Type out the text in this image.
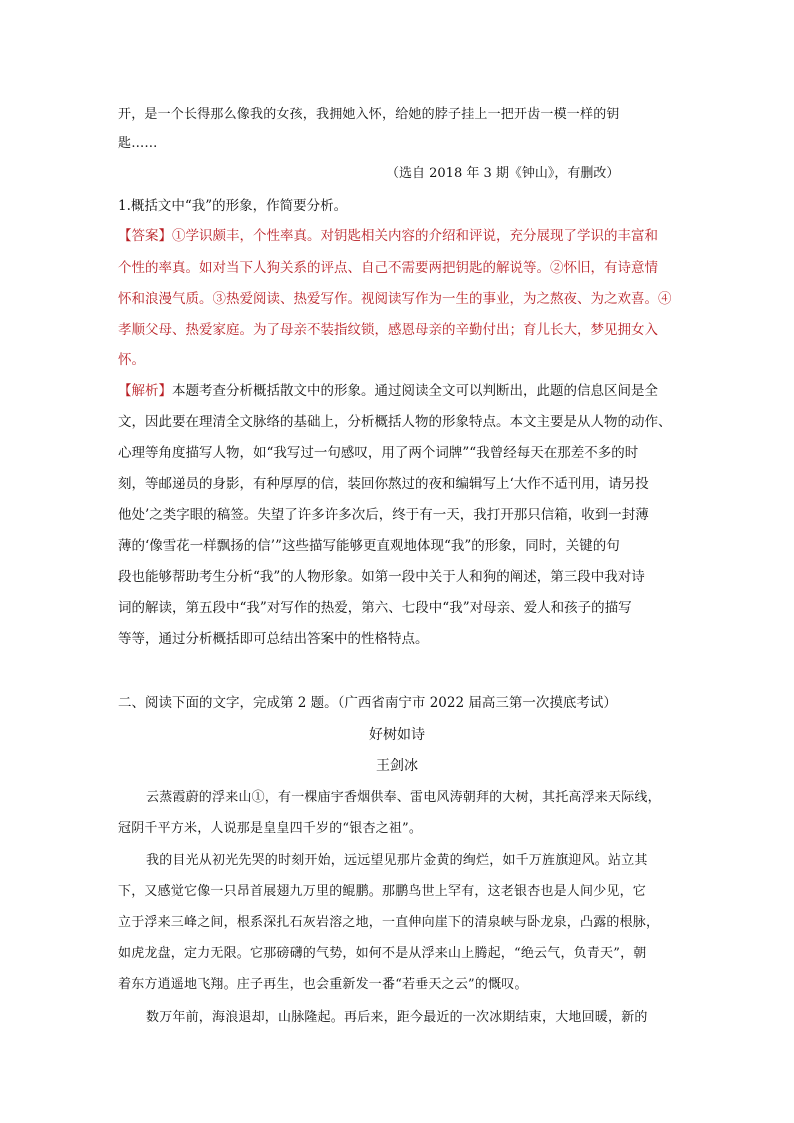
开，是一个长得那么像我的女孩，我拥她入怀，给她的脖子挂上一把开齿一模一样的钥
匙……
（选自 2018 年 3 期《钟山》，有删改）
1.概括文中“我”的形象，作简要分析。
【答案】①学识颇丰，个性率真。对钥匙相关内容的介绍和评说，充分展现了学识的丰富和
个性的率真。如对当下人狗关系的评点、自己不需要两把钥匙的解说等。②怀旧，有诗意情
怀和浪漫气质。③热爱阅读、热爱写作。视阅读写作为一生的事业，为之熬夜、为之欢喜。④
孝顺父母、热爱家庭。为了母亲不装指纹锁，感恩母亲的辛勤付出；育儿长大，梦见拥女入
怀。
【解析】本题考查分析概括散文中的形象。通过阅读全文可以判断出，此题的信息区间是全
文，因此要在理清全文脉络的基础上，分析概括人物的形象特点。本文主要是从人物的动作、
心理等角度描写人物，如“我写过一句感叹，用了两个词牌”“我曾经每天在那差不多的时
刻，等邮递员的身影，有种厚厚的信，装回你熬过的夜和编辑写上‘大作不适刊用，请另投
他处’之类字眼的稿签。失望了许多许多次后，终于有一天，我打开那只信箱，收到一封薄
薄的‘像雪花一样飘扬的信’”这些描写能够更直观地体现“我”的形象，同时，关键的句
段也能够帮助考生分析“我”的人物形象。如第一段中关于人和狗的阐述，第三段中我对诗
词的解读，第五段中“我”对写作的热爱，第六、七段中“我”对母亲、爱人和孩子的描写
等等，通过分析概括即可总结出答案中的性格特点。
二、阅读下面的文字，完成第 2 题。（广西省南宁市 2022 届高三第一次摸底考试）
好树如诗
王剑冰
云蒸霞蔚的浮来山①，有一棵庙宇香烟供奉、雷电风涛朝拜的大树，其托高浮来天际线，
冠阴千平方米，人说那是皇皇四千岁的“银杏之祖”。
我的目光从初光先哭的时刻开始，远远望见那片金黄的绚烂，如千万旌旗迎风。站立其
下，又感觉它像一只昂首展翅九万里的鲲鹏。那鹏鸟世上罕有，这老银杏也是人间少见，它
立于浮来三峰之间，根系深扎石灰岩溶之地，一直伸向崖下的清泉峡与卧龙泉，凸露的根脉，
如虎龙盘，定力无限。它那磅礴的气势，如何不是从浮来山上腾起，“绝云气，负青天”，朝
着东方逍遥地飞翔。庄子再生，也会重新发一番“若垂天之云”的慨叹。
数万年前，海浪退却，山脉隆起。再后来，距今最近的一次冰期结束，大地回暖，新的
